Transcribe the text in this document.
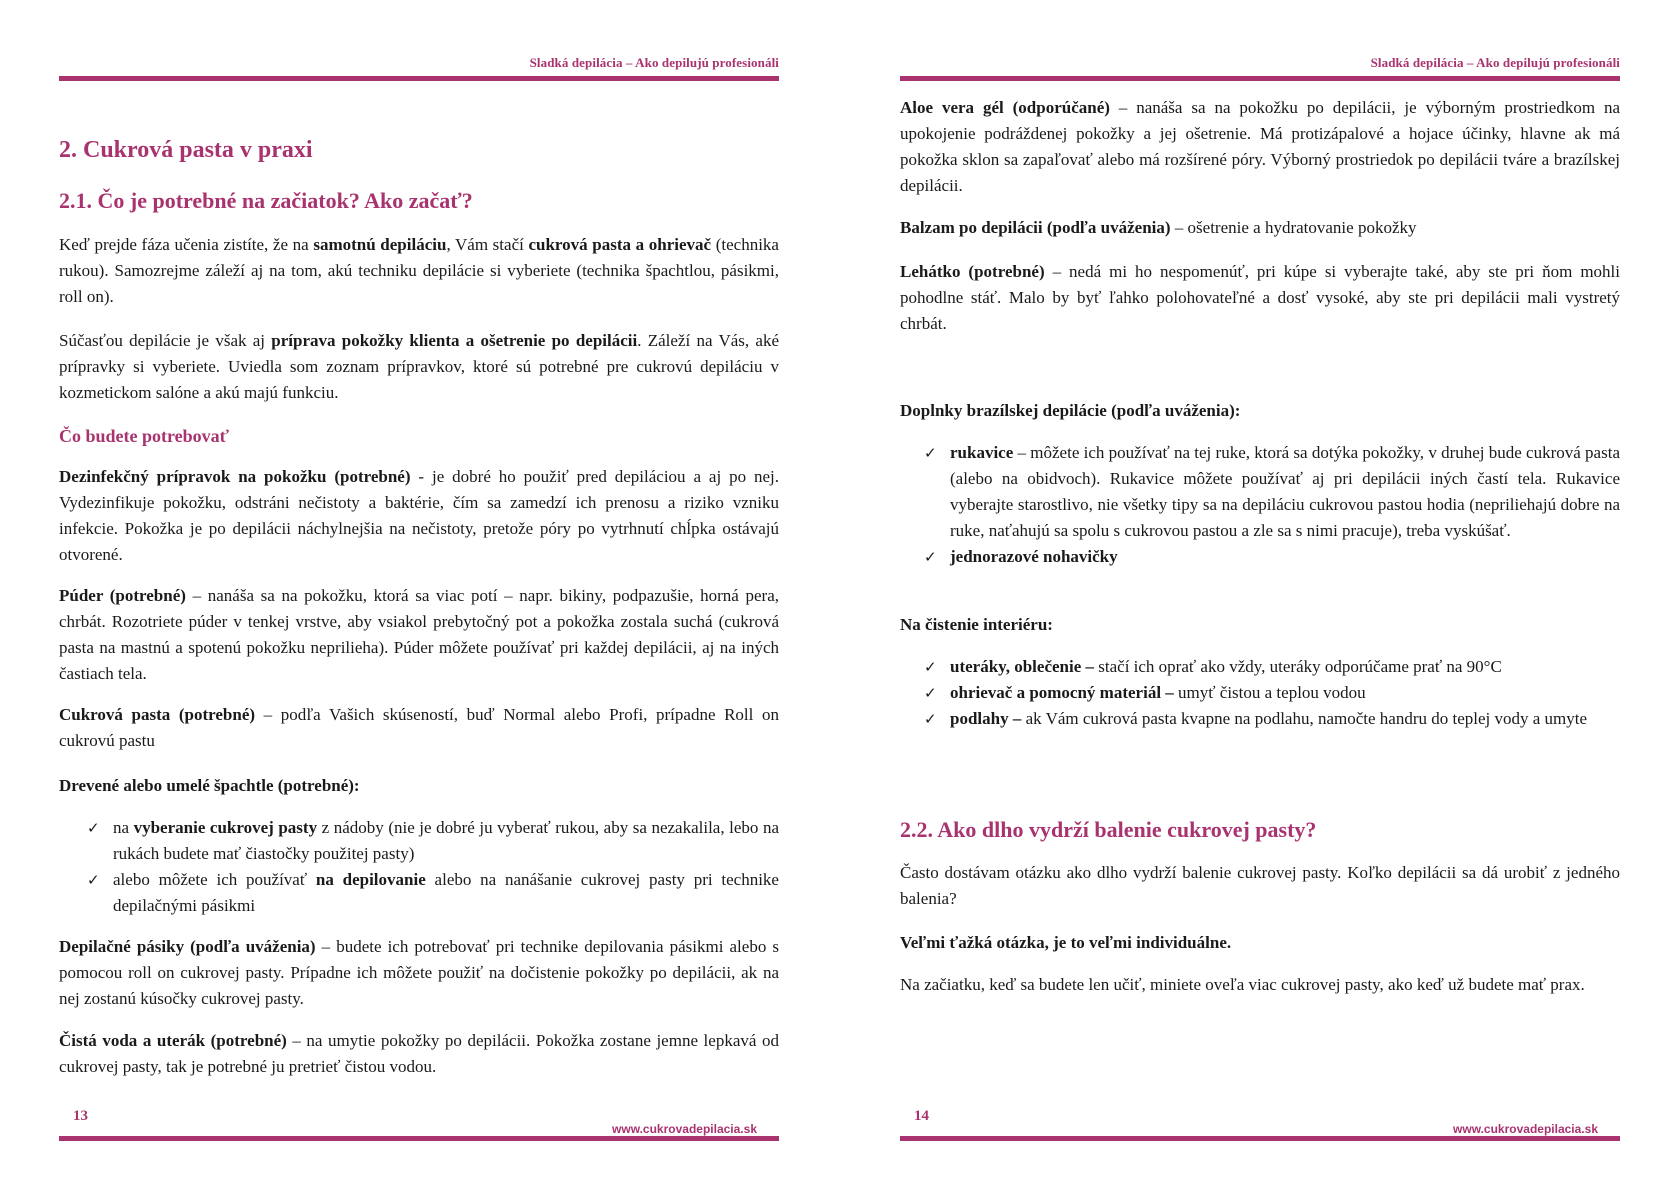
Sladká depilácia – Ako depilujú profesionáli
2. Cukrová pasta v praxi
2.1. Čo je potrebné na začiatok? Ako začať?

Keď prejde fáza učenia zistíte, že na samotnú depiláciu, Vám stačí cukrová pasta a ohrievač (technika rukou). Samozrejme záleží aj na tom, akú techniku depilácie si vyberiete (technika špachtlou, pásikmi, roll on).

Súčasťou depilácie je však aj príprava pokožky klienta a ošetrenie po depilácii. Záleží na Vás, aké prípravky si vyberiete. Uviedla som zoznam prípravkov, ktoré sú potrebné pre cukrovú depiláciu v kozmetickom salóne a akú majú funkciu.

Čo budete potrebovať

Dezinfekčný prípravok na pokožku (potrebné) - je dobré ho použiť pred depiláciou a aj po nej. Vydezinfikuje pokožku, odstráni nečistoty a baktérie, čím sa zamedzí ich prenosu a riziko vzniku infekcie. Pokožka je po depilácii náchylnejšia na nečistoty, pretože póry po vytrhnutí chĺpka ostávajú otvorené.

Púder (potrebné) – nanáša sa na pokožku, ktorá sa viac potí – napr. bikiny, podpazušie, horná pera, chrbát. Rozotriete púder v tenkej vrstve, aby vsiakol prebytočný pot a pokožka zostala suchá (cukrová pasta na mastnú a spotenú pokožku neprilieha). Púder môžete používať pri každej depilácii, aj na iných častiach tela.

Cukrová pasta (potrebné) – podľa Vašich skúseností, buď Normal alebo Profi, prípadne Roll on cukrovú pastu

Drevené alebo umelé špachtle (potrebné):

✓ na vyberanie cukrovej pasty z nádoby (nie je dobré ju vyberať rukou, aby sa nezakalila, lebo na rukách budete mať čiastočky použitej pasty)
✓ alebo môžete ich používať na depilovanie alebo na nanášanie cukrovej pasty pri technike depilačnými pásikmi

Depilačné pásiky (podľa uváženia) – budete ich potrebovať pri technike depilovania pásikmi alebo s pomocou roll on cukrovej pasty. Prípadne ich môžete použiť na dočistenie pokožky po depilácii, ak na nej zostanú kúsočky cukrovej pasty.

Čistá voda a uterák (potrebné) – na umytie pokožky po depilácii. Pokožka zostane jemne lepkavá od cukrovej pasty, tak je potrebné ju pretrieť čistou vodou.

13
www.cukrovadepilacia.sk
Sladká depilácia – Ako depilujú profesionáli

Aloe vera gél (odporúčané) – nanáša sa na pokožku po depilácii, je výborným prostriedkom na upokojenie podráždenej pokožky a jej ošetrenie. Má protizápalové a hojace účinky, hlavne ak má pokožka sklon sa zapaľovať alebo má rozšírené póry. Výborný prostriedok po depilácii tváre a brazílskej depilácii.

Balzam po depilácii (podľa uváženia) – ošetrenie a hydratovanie pokožky

Lehátko (potrebné) – nedá mi ho nespomenúť, pri kúpe si vyberajte také, aby ste pri ňom mohli pohodlne stáť. Malo by byť ľahko polohovateľné a dosť vysoké, aby ste pri depilácii mali vystretý chrbát.

Doplnky brazílskej depilácie (podľa uváženia):

✓ rukavice – môžete ich používať na tej ruke, ktorá sa dotýka pokožky, v druhej bude cukrová pasta (alebo na obidvoch). Rukavice môžete používať aj pri depilácii iných častí tela. Rukavice vyberajte starostlivo, nie všetky tipy sa na depiláciu cukrovou pastou hodia (nepriliehajú dobre na ruke, naťahujú sa spolu s cukrovou pastou a zle sa s nimi pracuje), treba vyskúšať.
✓ jednorazové nohavičky

Na čistenie interiéru:

✓ uteráky, oblečenie – stačí ich oprať ako vždy, uteráky odporúčame prať na 90°C
✓ ohrievač a pomocný materiál – umyť čistou a teplou vodou
✓ podlahy – ak Vám cukrová pasta kvapne na podlahu, namočte handru do teplej vody a umyte
2.2. Ako dlho vydrží balenie cukrovej pasty?

Často dostávam otázku ako dlho vydrží balenie cukrovej pasty. Koľko depilácii sa dá urobiť z jedného balenia?

Veľmi ťažká otázka, je to veľmi individuálne.

Na začiatku, keď sa budete len učiť, miniete oveľa viac cukrovej pasty, ako keď už budete mať prax.

14
www.cukrovadepilacia.sk
